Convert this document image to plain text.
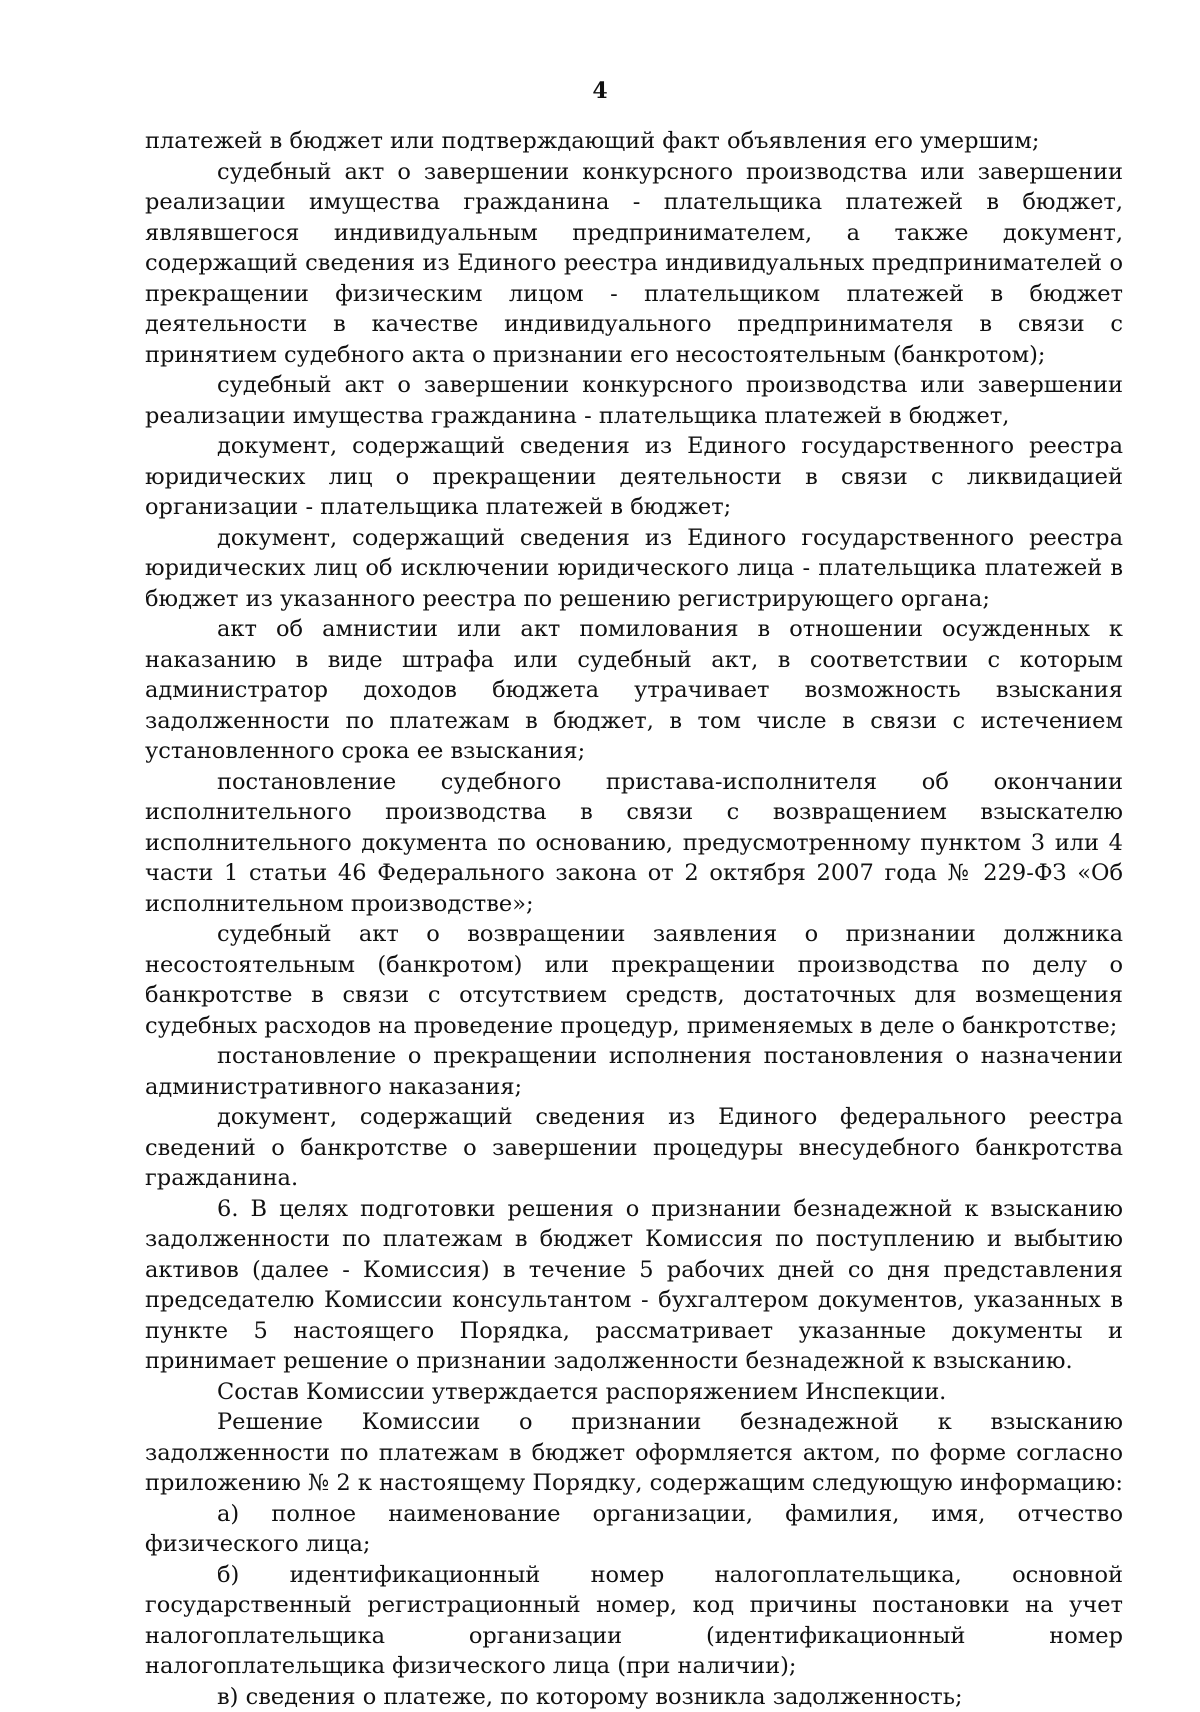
4

платежей в бюджет или подтверждающий факт объявления его умершим;

судебный акт о завершении конкурсного производства или завершении реализации имущества гражданина - плательщика платежей в бюджет, являвшегося индивидуальным предпринимателем, а также документ, содержащий сведения из Единого реестра индивидуальных предпринимателей о прекращении физическим лицом - плательщиком платежей в бюджет деятельности в качестве индивидуального предпринимателя в связи с принятием судебного акта о признании его несостоятельным (банкротом);

судебный акт о завершении конкурсного производства или завершении реализации имущества гражданина - плательщика платежей в бюджет,

документ, содержащий сведения из Единого государственного реестра юридических лиц о прекращении деятельности в связи с ликвидацией организации - плательщика платежей в бюджет;

документ, содержащий сведения из Единого государственного реестра юридических лиц об исключении юридического лица - плательщика платежей в бюджет из указанного реестра по решению регистрирующего органа;

акт об амнистии или акт помилования в отношении осужденных к наказанию в виде штрафа или судебный акт, в соответствии с которым администратор доходов бюджета утрачивает возможность взыскания задолженности по платежам в бюджет, в том числе в связи с истечением установленного срока ее взыскания;

постановление судебного пристава-исполнителя об окончании исполнительного производства в связи с возвращением взыскателю исполнительного документа по основанию, предусмотренному пунктом 3 или 4 части 1 статьи 46 Федерального закона от 2 октября 2007 года № 229-ФЗ «Об исполнительном производстве»;

судебный акт о возвращении заявления о признании должника несостоятельным (банкротом) или прекращении производства по делу о банкротстве в связи с отсутствием средств, достаточных для возмещения судебных расходов на проведение процедур, применяемых в деле о банкротстве;

постановление о прекращении исполнения постановления о назначении административного наказания;

документ, содержащий сведения из Единого федерального реестра сведений о банкротстве о завершении процедуры внесудебного банкротства гражданина.

6. В целях подготовки решения о признании безнадежной к взысканию задолженности по платежам в бюджет Комиссия по поступлению и выбытию активов (далее - Комиссия) в течение 5 рабочих дней со дня представления председателю Комиссии консультантом - бухгалтером документов, указанных в пункте 5 настоящего Порядка, рассматривает указанные документы и принимает решение о признании задолженности безнадежной к взысканию.

Состав Комиссии утверждается распоряжением Инспекции.

Решение Комиссии о признании безнадежной к взысканию задолженности по платежам в бюджет оформляется актом, по форме согласно приложению № 2 к настоящему Порядку, содержащим следующую информацию:

а) полное наименование организации, фамилия, имя, отчество физического лица;

б) идентификационный номер налогоплательщика, основной государственный регистрационный номер, код причины постановки на учет налогоплательщика организации (идентификационный номер налогоплательщика физического лица (при наличии);

в) сведения о платеже, по которому возникла задолженность;
